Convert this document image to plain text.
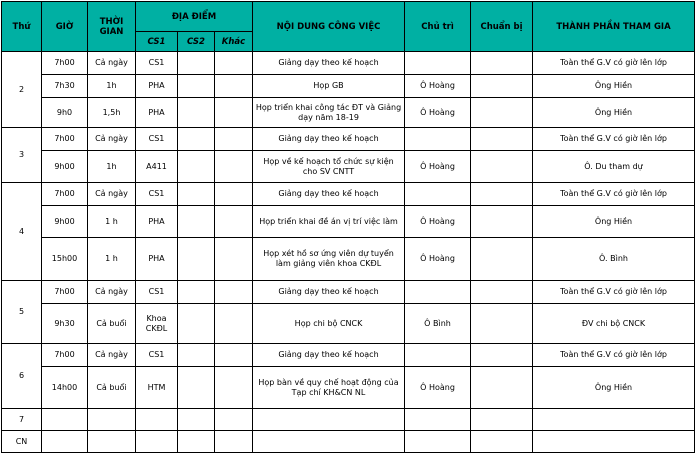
Thứ	GIỜ	THỜI GIAN	ĐỊA ĐIỂM			NỘI DUNG CÔNG VIỆC	Chủ trì	Chuẩn bị	THÀNH PHẦN THAM GIA
			CS1	CS2	Khác				
2	7h00	Cả ngày	CS1			Giảng dạy theo kế hoạch			Toàn thể G.V có giờ lên lớp
	7h30	1h	PHA			Họp GB	Ô Hoàng		Ông Hiền
	9h0	1,5h	PHA			Họp triển khai công tác ĐT và Giảng dạy năm 18-19	Ô Hoàng		Ông Hiền
3	7h00	Cả ngày	CS1			Giảng dạy theo kế hoạch			Toàn thể G.V có giờ lên lớp
	9h00	1h	A411			Họp về kế hoạch tổ chức sự kiện cho SV CNTT	Ô Hoàng		Ô. Du tham dự
4	7h00	Cả ngày	CS1			Giảng dạy theo kế hoạch			Toàn thể G.V có giờ lên lớp
	9h00	1 h	PHA			Họp triển khai đề án vị trí việc làm	Ô Hoàng		Ông Hiền
	15h00	1 h	PHA			Họp xét hồ sơ ứng viên dự tuyển làm giảng viên khoa CKĐL	Ô Hoàng		Ô. Bình
5	7h00	Cả ngày	CS1			Giảng dạy theo kế hoạch			Toàn thể G.V có giờ lên lớp
	9h30	Cả buổi	Khoa CKĐL			Họp chi bộ CNCK	Ô Bình		ĐV chi bộ CNCK
6	7h00	Cả ngày	CS1			Giảng dạy theo kế hoạch			Toàn thể G.V có giờ lên lớp
	14h00	Cả buổi	HTM			Họp bàn về quy chế hoạt động của Tạp chí KH&CN NL	Ô Hoàng		Ông Hiền
7									
CN									
